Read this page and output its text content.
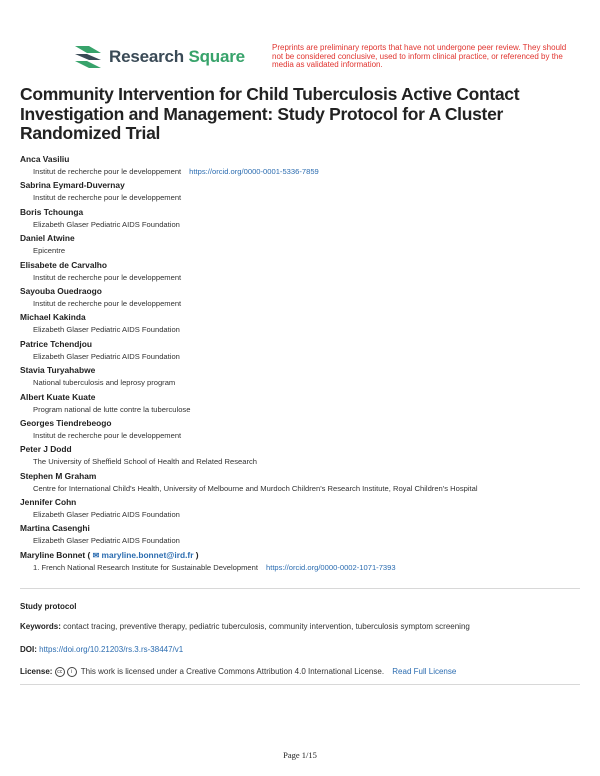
Research Square	Preprints are preliminary reports that have not undergone peer review. They should not be considered conclusive, used to inform clinical practice, or referenced by the media as validated information.
Community Intervention for Child Tuberculosis Active Contact Investigation and Management: Study Protocol for A Cluster Randomized Trial
Anca Vasiliu
Institut de recherche pour le developpement https://orcid.org/0000-0001-5336-7859
Sabrina Eymard-Duvernay
Institut de recherche pour le developpement
Boris Tchounga
Elizabeth Glaser Pediatric AIDS Foundation
Daniel Atwine
Epicentre
Elisabete de Carvalho
Institut de recherche pour le developpement
Sayouba Ouedraogo
Institut de recherche pour le developpement
Michael Kakinda
Elizabeth Glaser Pediatric AIDS Foundation
Patrice Tchendjou
Elizabeth Glaser Pediatric AIDS Foundation
Stavia Turyahabwe
National tuberculosis and leprosy program
Albert Kuate Kuate
Program national de lutte contre la tuberculose
Georges Tiendrebeogo
Institut de recherche pour le developpement
Peter J Dodd
The University of Sheffield School of Health and Related Research
Stephen M Graham
Centre for International Child's Health, University of Melbourne and Murdoch Children's Research Institute, Royal Children's Hospital
Jennifer Cohn
Elizabeth Glaser Pediatric AIDS Foundation
Martina Casenghi
Elizabeth Glaser Pediatric AIDS Foundation
Maryline Bonnet ( ✉ maryline.bonnet@ird.fr )
1. French National Research Institute for Sustainable Development https://orcid.org/0000-0002-1071-7393
Study protocol
Keywords: contact tracing, preventive therapy, pediatric tuberculosis, community intervention, tuberculosis symptom screening
DOI: https://doi.org/10.21203/rs.3.rs-38447/v1
License: cc i This work is licensed under a Creative Commons Attribution 4.0 International License. Read Full License
Page 1/15
